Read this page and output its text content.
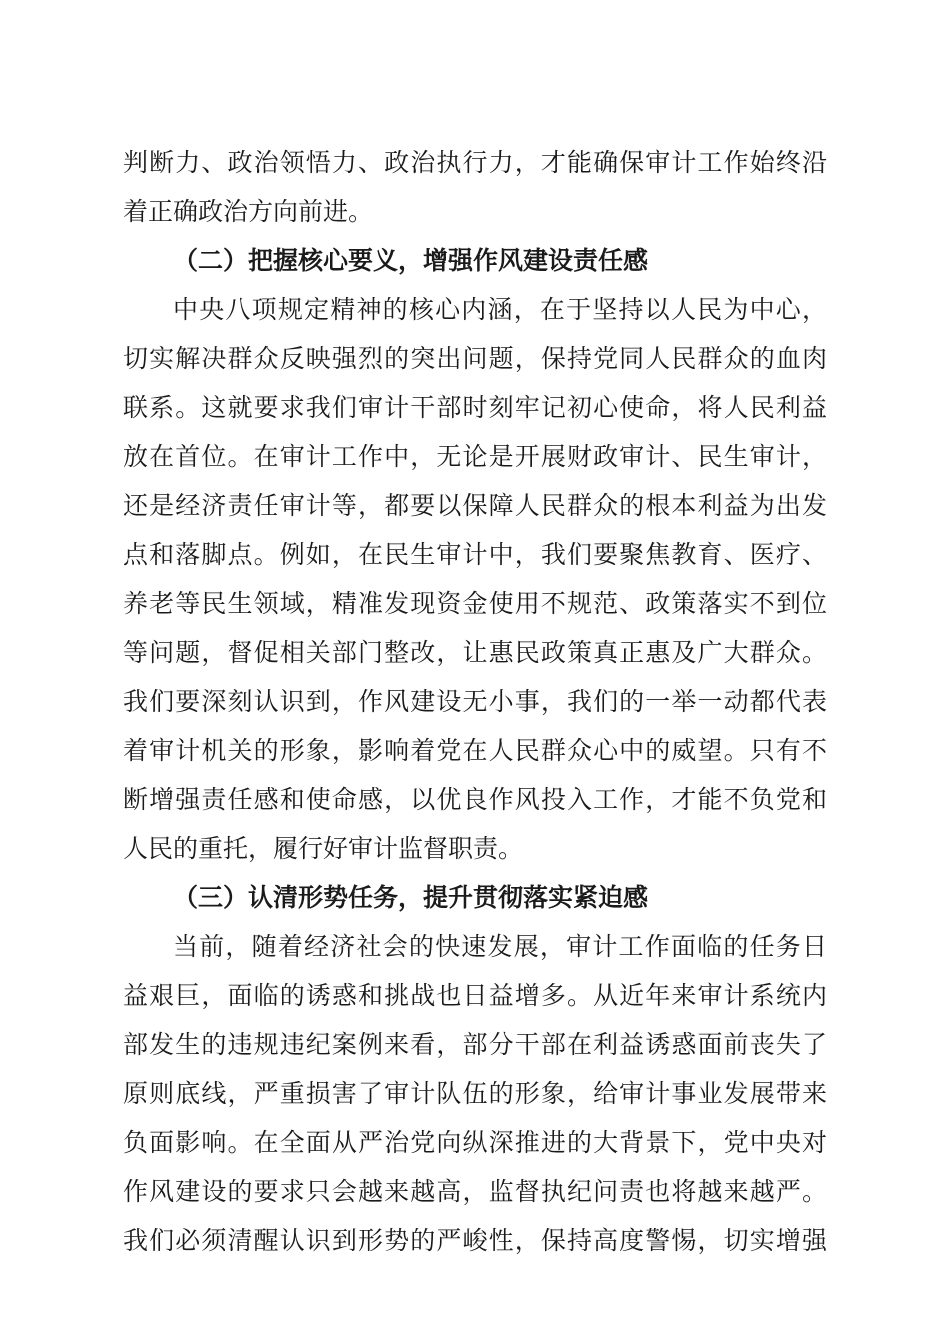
判断力、政治领悟力、政治执行力，才能确保审计工作始终沿
着正确政治方向前进。
（二）把握核心要义，增强作风建设责任感
中央八项规定精神的核心内涵，在于坚持以人民为中心，
切实解决群众反映强烈的突出问题，保持党同人民群众的血肉
联系。这就要求我们审计干部时刻牢记初心使命，将人民利益
放在首位。在审计工作中，无论是开展财政审计、民生审计，
还是经济责任审计等，都要以保障人民群众的根本利益为出发
点和落脚点。例如，在民生审计中，我们要聚焦教育、医疗、
养老等民生领域，精准发现资金使用不规范、政策落实不到位
等问题，督促相关部门整改，让惠民政策真正惠及广大群众。
我们要深刻认识到，作风建设无小事，我们的一举一动都代表
着审计机关的形象，影响着党在人民群众心中的威望。只有不
断增强责任感和使命感，以优良作风投入工作，才能不负党和
人民的重托，履行好审计监督职责。
（三）认清形势任务，提升贯彻落实紧迫感
当前，随着经济社会的快速发展，审计工作面临的任务日
益艰巨，面临的诱惑和挑战也日益增多。从近年来审计系统内
部发生的违规违纪案例来看，部分干部在利益诱惑面前丧失了
原则底线，严重损害了审计队伍的形象，给审计事业发展带来
负面影响。在全面从严治党向纵深推进的大背景下，党中央对
作风建设的要求只会越来越高，监督执纪问责也将越来越严。
我们必须清醒认识到形势的严峻性，保持高度警惕，切实增强
